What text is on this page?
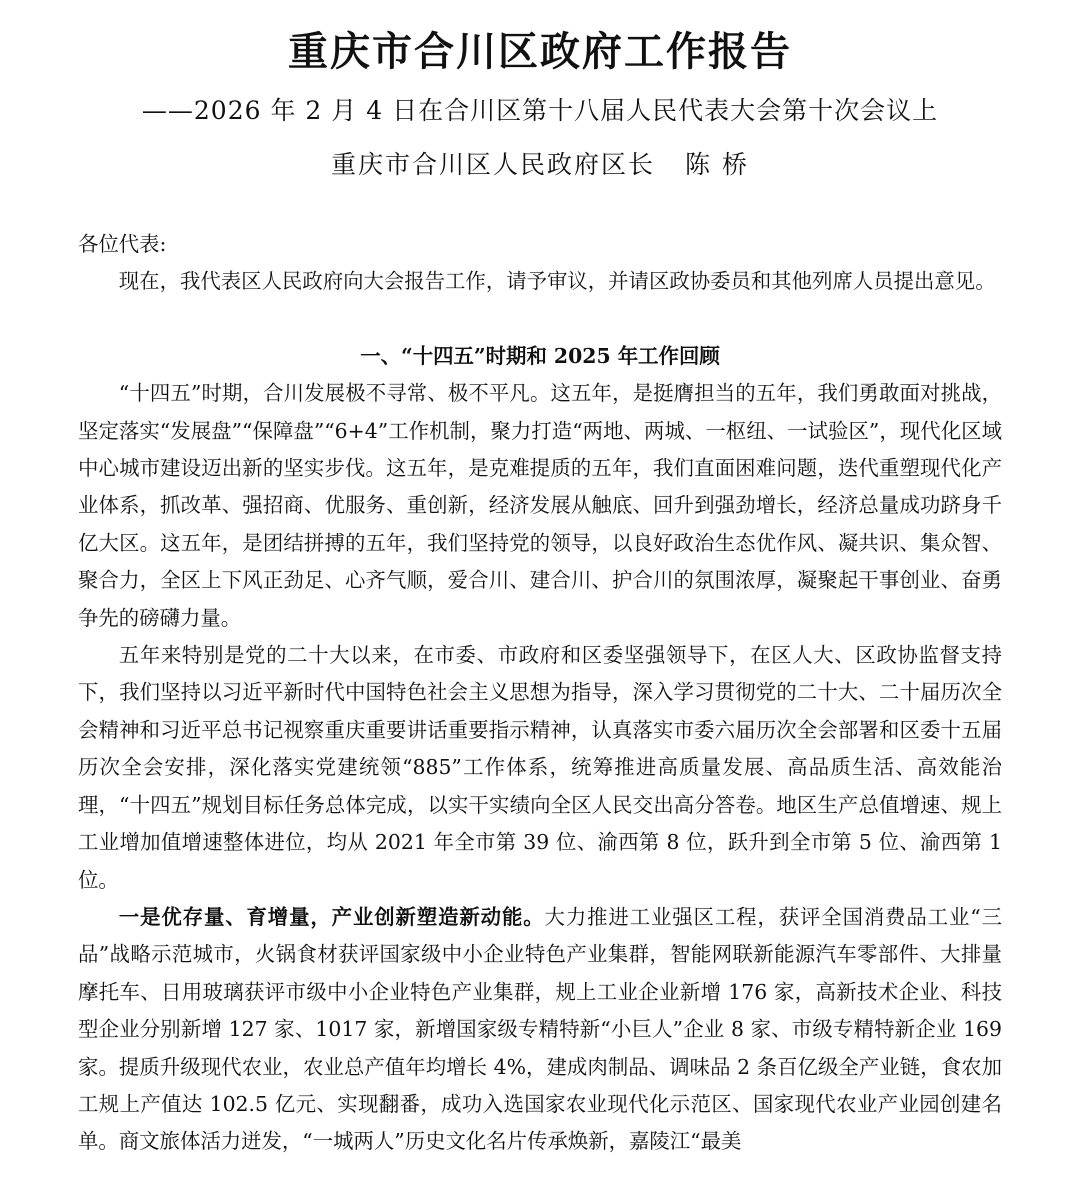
重庆市合川区政府工作报告

——2026 年 2 月 4 日在合川区第十八届人民代表大会第十次会议上

重庆市合川区人民政府区长 陈 桥

各位代表:

现在，我代表区人民政府向大会报告工作，请予审议，并请区政协委员和其他列席人员提出意见。

一、“十四五”时期和 2025 年工作回顾

“十四五”时期，合川发展极不寻常、极不平凡。这五年，是挺膺担当的五年，我们勇敢面对挑战，坚定落实“发展盘”“保障盘”“6+4”工作机制，聚力打造“两地、两城、一枢纽、一试验区”，现代化区域中心城市建设迈出新的坚实步伐。这五年，是克难提质的五年，我们直面困难问题，迭代重塑现代化产业体系，抓改革、强招商、优服务、重创新，经济发展从触底、回升到强劲增长，经济总量成功跻身千亿大区。这五年，是团结拼搏的五年，我们坚持党的领导，以良好政治生态优作风、凝共识、集众智、聚合力，全区上下风正劲足、心齐气顺，爱合川、建合川、护合川的氛围浓厚，凝聚起干事创业、奋勇争先的磅礴力量。

五年来特别是党的二十大以来，在市委、市政府和区委坚强领导下，在区人大、区政协监督支持下，我们坚持以习近平新时代中国特色社会主义思想为指导，深入学习贯彻党的二十大、二十届历次全会精神和习近平总书记视察重庆重要讲话重要指示精神，认真落实市委六届历次全会部署和区委十五届历次全会安排，深化落实党建统领“885”工作体系，统筹推进高质量发展、高品质生活、高效能治理，“十四五”规划目标任务总体完成，以实干实绩向全区人民交出高分答卷。地区生产总值增速、规上工业增加值增速整体进位，均从 2021 年全市第 39 位、渝西第 8 位，跃升到全市第 5 位、渝西第 1 位。

一是优存量、育增量，产业创新塑造新动能。大力推进工业强区工程，获评全国消费品工业“三品”战略示范城市，火锅食材获评国家级中小企业特色产业集群，智能网联新能源汽车零部件、大排量摩托车、日用玻璃获评市级中小企业特色产业集群，规上工业企业新增 176 家，高新技术企业、科技型企业分别新增 127 家、1017 家，新增国家级专精特新“小巨人”企业 8 家、市级专精特新企业 169 家。提质升级现代农业，农业总产值年均增长 4%，建成肉制品、调味品 2 条百亿级全产业链，食农加工规上产值达 102.5 亿元、实现翻番，成功入选国家农业现代化示范区、国家现代农业产业园创建名单。商文旅体活力迸发，“一城两人”历史文化名片传承焕新，嘉陵江“最美
